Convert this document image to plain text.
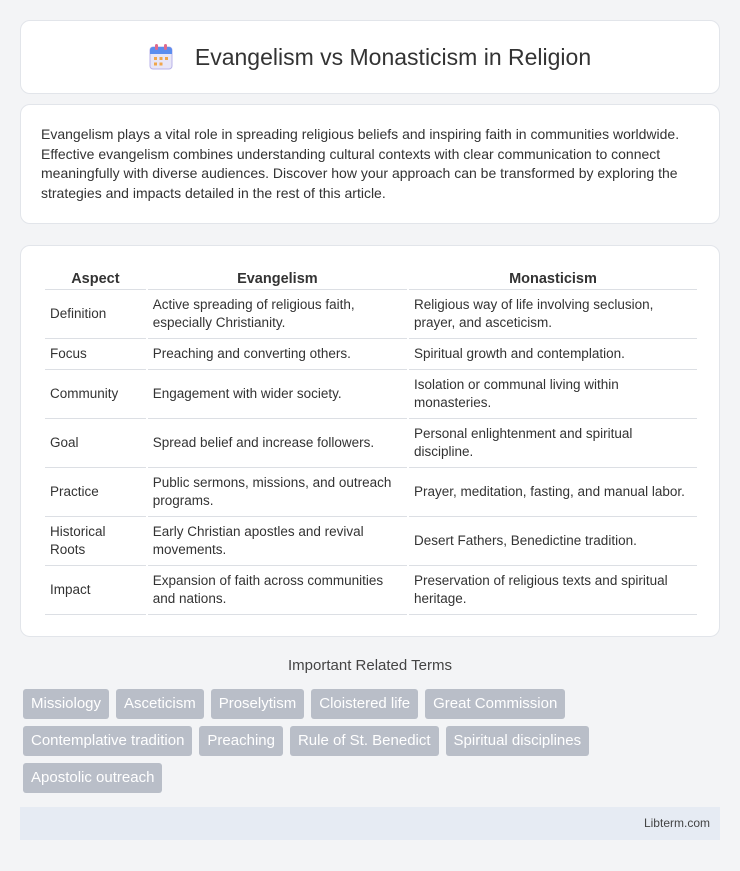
Evangelism vs Monasticism in Religion

Evangelism plays a vital role in spreading religious beliefs and inspiring faith in communities worldwide. Effective evangelism combines understanding cultural contexts with clear communication to connect meaningfully with diverse audiences. Discover how your approach can be transformed by exploring the strategies and impacts detailed in the rest of this article.

Aspect	Evangelism	Monasticism
Definition	Active spreading of religious faith, especially Christianity.	Religious way of life involving seclusion, prayer, and asceticism.
Focus	Preaching and converting others.	Spiritual growth and contemplation.
Community	Engagement with wider society.	Isolation or communal living within monasteries.
Goal	Spread belief and increase followers.	Personal enlightenment and spiritual discipline.
Practice	Public sermons, missions, and outreach programs.	Prayer, meditation, fasting, and manual labor.
Historical Roots	Early Christian apostles and revival movements.	Desert Fathers, Benedictine tradition.
Impact	Expansion of faith across communities and nations.	Preservation of religious texts and spiritual heritage.
Important Related Terms
Missiology	Asceticism	Proselytism	Cloistered life	Great Commission
Contemplative tradition	Preaching	Rule of St. Benedict	Spiritual disciplines
Apostolic outreach
Libterm.com
